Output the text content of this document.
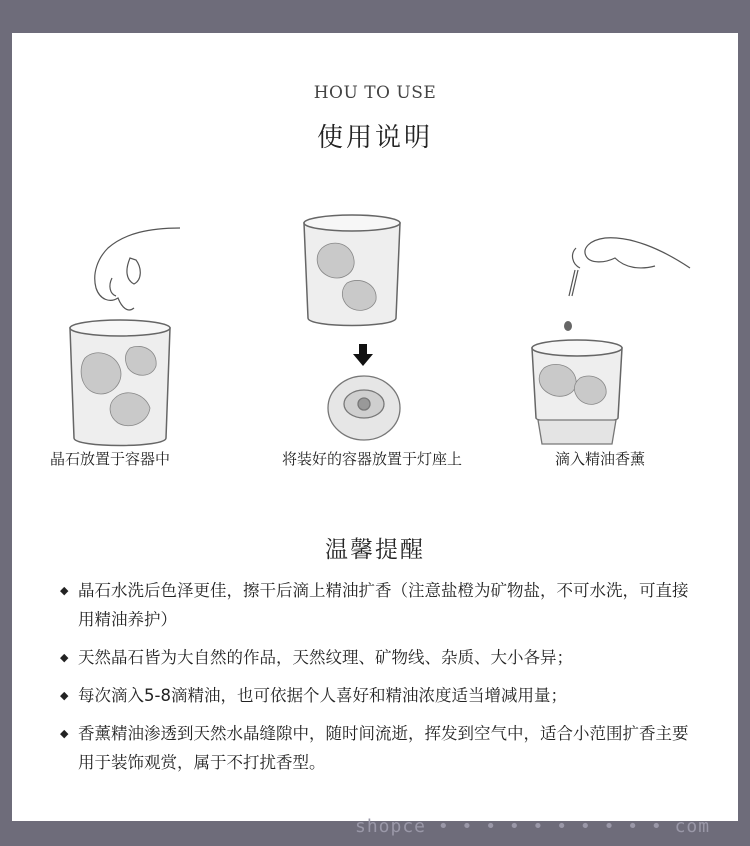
HOU TO USE
使用说明
晶石放置于容器中	将装好的容器放置于灯座上	滴入精油香薰
温馨提醒
◆ 晶石水洗后色泽更佳，擦干后滴上精油扩香（注意盐橙为矿物盐，不可水洗，可直接用精油养护）
◆ 天然晶石皆为大自然的作品，天然纹理、矿物线、杂质、大小各异；
◆ 每次滴入5-8滴精油，也可依据个人喜好和精油浓度适当增减用量；
◆ 香薰精油渗透到天然水晶缝隙中，随时间流逝，挥发到空气中，适合小范围扩香主要用于装饰观赏，属于不打扰香型。
shopce • • • • • • • • • • com
